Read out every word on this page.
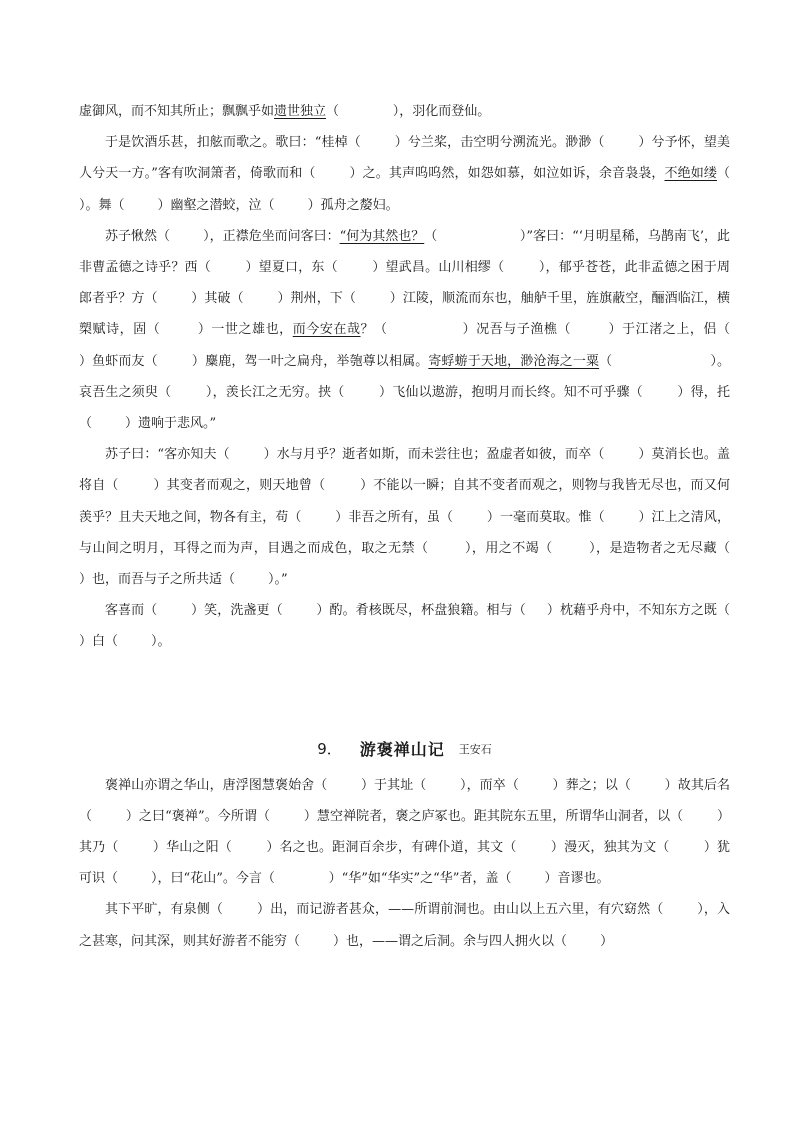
虚御风，而不知其所止；飘飘乎如遗世独立（             ），羽化而登仙。

于是饮酒乐甚，扣舷而歌之。歌曰：“桂棹（        ）兮兰桨，击空明兮溯流光。渺渺（        ）兮予怀，望美人兮天一方。”客有吹洞箫者，倚歌而和（        ）之。其声呜呜然，如怨如慕，如泣如诉，余音袅袅，不绝如缕（             ）。舞（        ）幽壑之潜蛟，泣（        ）孤舟之嫠妇。

苏子愀然（        ），正襟危坐而问客曰：“何为其然也？（                    ）”客曰：“‘月明星稀，乌鹊南飞’，此非曹孟德之诗乎？西（        ）望夏口，东（        ）望武昌。山川相缪（        ），郁乎苍苍，此非孟德之困于周郎者乎？方（        ）其破（        ）荆州，下（        ）江陵，顺流而东也，舳舻千里，旌旗蔽空，酾酒临江，横槊赋诗，固（        ）一世之雄也，而今安在哉？（                ）况吾与子渔樵（        ）于江渚之上，侣（        ）鱼虾而友（        ）麋鹿，驾一叶之扁舟，举匏尊以相属。寄蜉蝣于天地，渺沧海之一粟（                       ）。哀吾生之须臾（        ），羡长江之无穷。挟（        ）飞仙以遨游，抱明月而长终。知不可乎骤（        ）得，托（        ）遗响于悲风。”

苏子曰：“客亦知夫（        ）水与月乎？逝者如斯，而未尝往也；盈虚者如彼，而卒（        ）莫消长也。盖将自（        ）其变者而观之，则天地曾（        ）不能以一瞬；自其不变者而观之，则物与我皆无尽也，而又何羡乎？且夫天地之间，物各有主，苟（        ）非吾之所有，虽（        ）一毫而莫取。惟（        ）江上之清风，与山间之明月，耳得之而为声，目遇之而成色，取之无禁（        ），用之不竭（        ），是造物者之无尽藏（        ）也，而吾与子之所共适（        ）。”

客喜而（        ）笑，洗盏更（        ）酌。肴核既尽，杯盘狼籍。相与（     ）枕藉乎舟中，不知东方之既（        ）白（        ）。

9． 游褒禅山记 王安石

褒禅山亦谓之华山，唐浮图慧褒始舍（        ）于其址（        ），而卒（        ）葬之；以（        ）故其后名（        ）之曰“褒禅”。今所谓（        ）慧空禅院者，褒之庐冢也。距其院东五里，所谓华山洞者，以（        ）其乃（        ）华山之阳（        ）名之也。距洞百余步，有碑仆道，其文（        ）漫灭，独其为文（        ）犹可识（        ），曰“花山”。今言（             ）“华”如“华实”之“华”者，盖（        ）音谬也。

其下平旷，有泉侧（        ）出，而记游者甚众，——所谓前洞也。由山以上五六里，有穴窈然（        ），入之甚寒，问其深，则其好游者不能穷（        ）也，——谓之后洞。余与四人拥火以（        ）
